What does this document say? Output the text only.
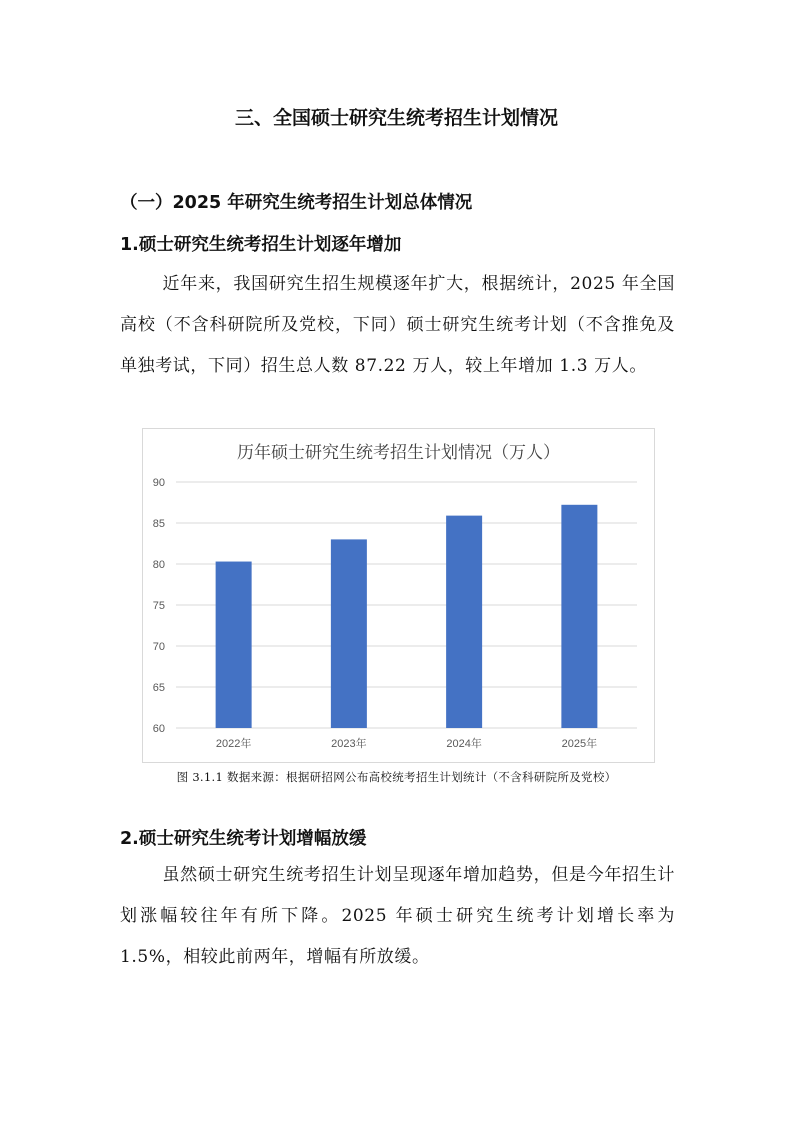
三、全国硕士研究生统考招生计划情况
（一）2025 年研究生统考招生计划总体情况
1.硕士研究生统考招生计划逐年增加
近年来，我国研究生招生规模逐年扩大，根据统计，2025 年全国高校（不含科研院所及党校，下同）硕士研究生统考计划（不含推免及单独考试，下同）招生总人数 87.22 万人，较上年增加 1.3 万人。
历年硕士研究生统考招生计划情况（万人）
60
65
70
75
80
85
90
2022年	2023年	2024年	2025年
图 3.1.1 数据来源：根据研招网公布高校统考招生计划统计（不含科研院所及党校）
2.硕士研究生统考计划增幅放缓
虽然硕士研究生统考招生计划呈现逐年增加趋势，但是今年招生计划涨幅较往年有所下降。2025 年硕士研究生统考计划增长率为 1.5%，相较此前两年，增幅有所放缓。
